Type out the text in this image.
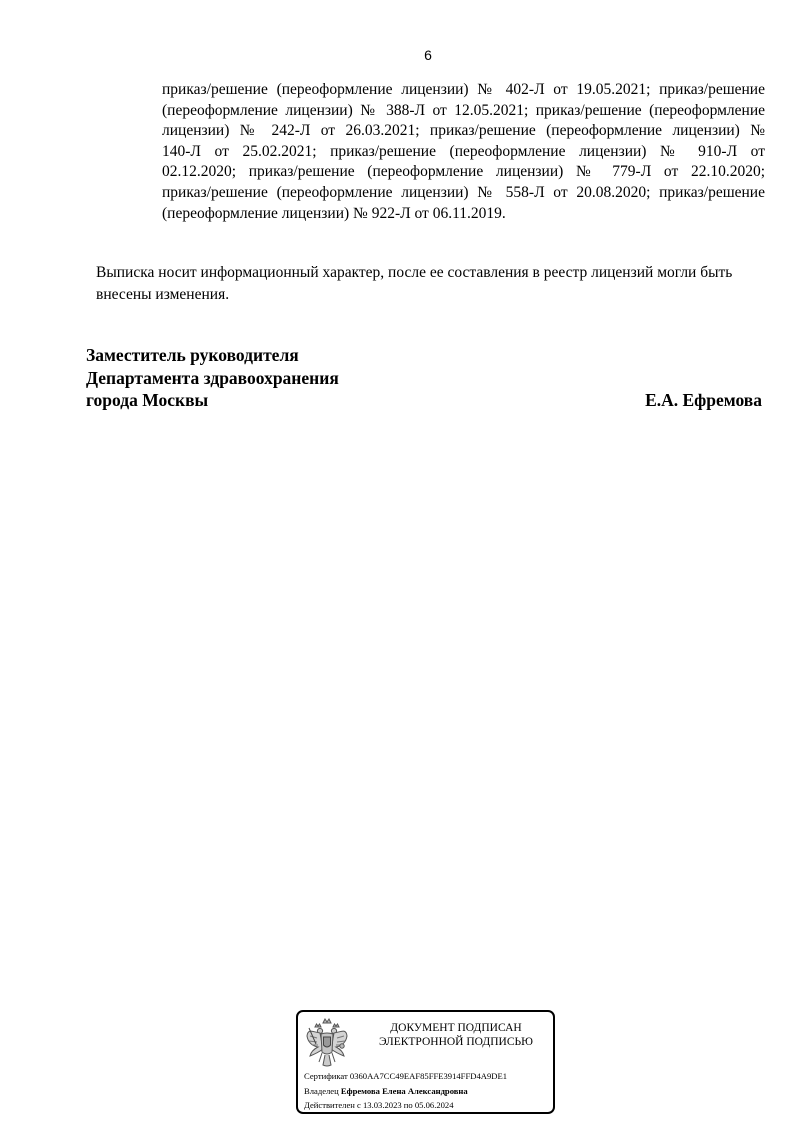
6
приказ/решение (переоформление лицензии) № 402-Л от 19.05.2021; приказ/решение
(переоформление лицензии) № 388-Л от 12.05.2021; приказ/решение (переоформление
лицензии) № 242-Л от 26.03.2021; приказ/решение (переоформление лицензии) №
140-Л от 25.02.2021; приказ/решение (переоформление лицензии) № 910-Л от
02.12.2020; приказ/решение (переоформление лицензии) № 779-Л от 22.10.2020;
приказ/решение (переоформление лицензии) № 558-Л от 20.08.2020; приказ/решение
(переоформление лицензии) № 922-Л от 06.11.2019.
Выписка носит информационный характер, после ее составления в реестр лицензий могли быть внесены изменения.
Заместитель руководителя
Департамента здравоохранения
города Москвы	Е.А. Ефремова
ДОКУМЕНТ ПОДПИСАН
ЭЛЕКТРОННОЙ ПОДПИСЬЮ
Сертификат 0360AA7CC49EAF85FFE3914FFD4A9DE1
Владелец Ефремова Елена Александровна
Действителен с 13.03.2023 по 05.06.2024
